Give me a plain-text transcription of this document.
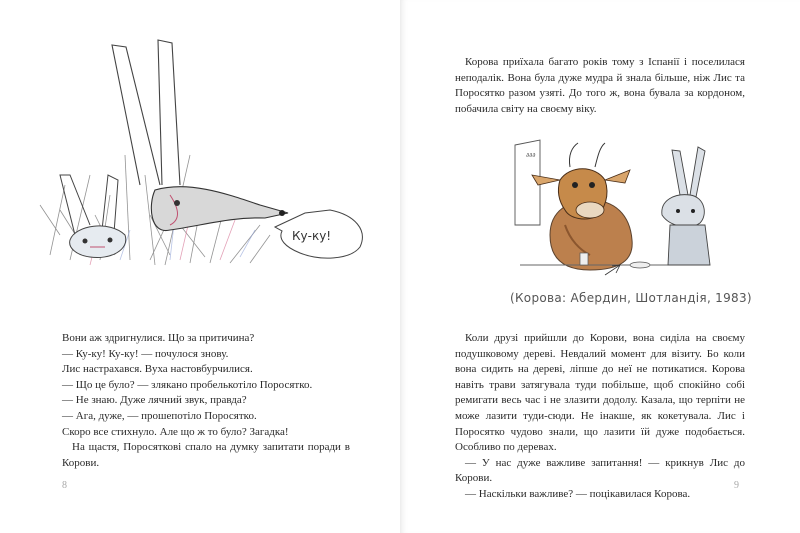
Ку-ку!

Вони аж здригнулися. Що за притичина?

— Ку-ку! Ку-ку! — почулося знову.

Лис настрахався. Вуха настовбурчилися.

— Що це було? — злякано пробелькотіло Поросятко.

— Не знаю. Дуже лячний звук, правда?

— Ага, дуже, — прошепотіло Поросятко.

Скоро все стихнуло. Але що ж то було? Загадка!

На щастя, Поросяткові спало на думку запитати поради в Корови.

8

Корова приїхала багато років тому з Іспанії і поселилася неподалік. Вона була дуже мудра й знала більше, ніж Лис та Поросятко разом узяті. До того ж, вона бувала за кордоном, побачила світу на своєму віку.

∂∂∂
(Корова: Абердин, Шотландія, 1983)

Коли друзі прийшли до Корови, вона сиділа на своєму подушковому дереві. Невдалий момент для візиту. Бо коли вона сидить на дереві, ліпше до неї не потикатися. Корова навіть трави затягувала туди побільше, щоб спокійно собі ремигати весь час і не злазити додолу. Казала, що терпіти не може лазити туди-сюди. Не інакше, як кокетувала. Лис і Поросятко чудово знали, що лазити їй дуже подобається. Особливо по деревах.

— У нас дуже важливе запитання! — крикнув Лис до Корови.

— Наскільки важливе? — поцікавилася Корова.

9
